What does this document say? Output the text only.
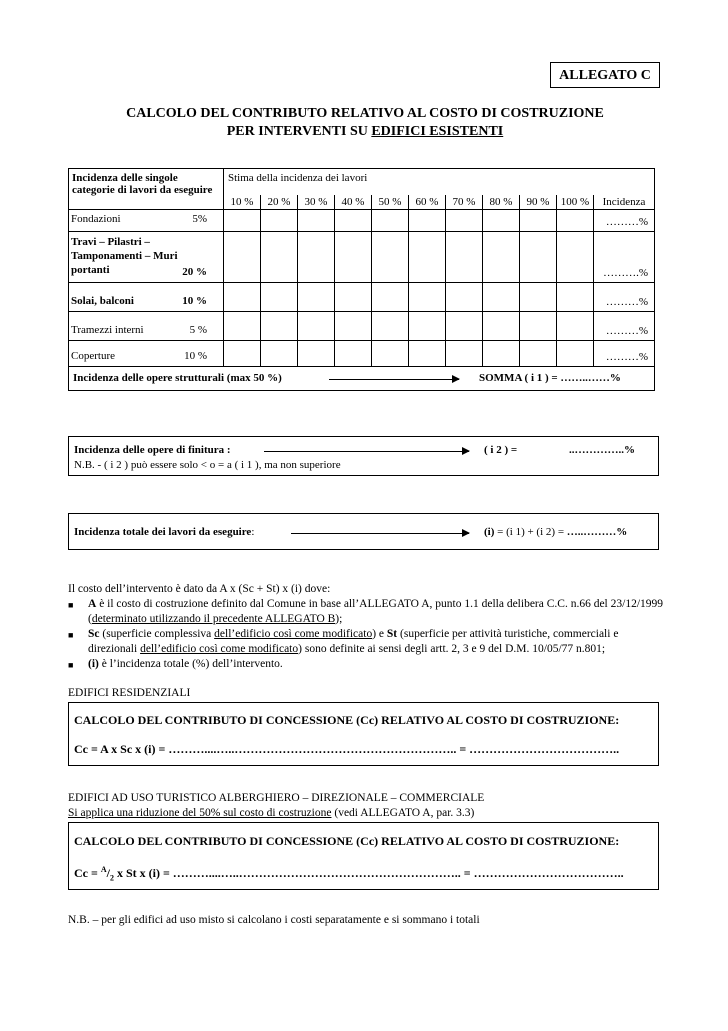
ALLEGATO C
CALCOLO DEL CONTRIBUTO RELATIVO AL COSTO DI COSTRUZIONE
PER INTERVENTI SU EDIFICI ESISTENTI
Incidenza delle singole categorie di lavori da eseguire	Stima della incidenza dei lavori										
	10 %	20 %	30 %	40 %	50 %	60 %	70 %	80 %	90 %	100 %	Incidenza

Fondazioni 5%											………%

Travi – Pilastri – Tamponamenti – Muri portanti 20 %											……….%

Solai, balconi 10 %											………%

Tramezzi interni 5 %											………%

Coperture 10 %											………%

Incidenza delle opere strutturali (max 50 %) SOMMA ( i 1 ) = ……..……%											
Incidenza delle opere di finitura :	( i 2 ) =	..…………..%
N.B. - ( i 2 ) può essere solo < o = a ( i 1 ), ma non superiore
Incidenza totale dei lavori da eseguire:	(i) = (i 1) + (i 2) = …..………%
Il costo dell’intervento è dato da A x (Sc + St) x (i) dove:
■ A è il costo di costruzione definito dal Comune in base all’ALLEGATO A, punto 1.1 della delibera C.C. n.66 del 23/12/1999 (determinato utilizzando il precedente ALLEGATO B);
■ Sc (superficie complessiva dell’edificio così come modificato) e St (superficie per attività turistiche, commerciali e direzionali dell’edificio così come modificato) sono definite ai sensi degli artt. 2, 3 e 9 del D.M. 10/05/77 n.801;
■ (i) è l’incidenza totale (%) dell’intervento.
EDIFICI RESIDENZIALI
CALCOLO DEL CONTRIBUTO DI CONCESSIONE (Cc) RELATIVO AL COSTO DI COSTRUZIONE:
Cc = A x Sc x (i) = ………....…..……………………………………………….. = ………………………………..
EDIFICI AD USO TURISTICO ALBERGHIERO – DIREZIONALE – COMMERCIALE
Si applica una riduzione del 50% sul costo di costruzione (vedi ALLEGATO A, par. 3.3)
CALCOLO DEL CONTRIBUTO DI CONCESSIONE (Cc) RELATIVO AL COSTO DI COSTRUZIONE:
$Cc = ^A/_2$ x St x (i) = ………....…..……………………………………………….. = ………………………………..
N.B. – per gli edifici ad uso misto si calcolano i costi separatamente e si sommano i totali
